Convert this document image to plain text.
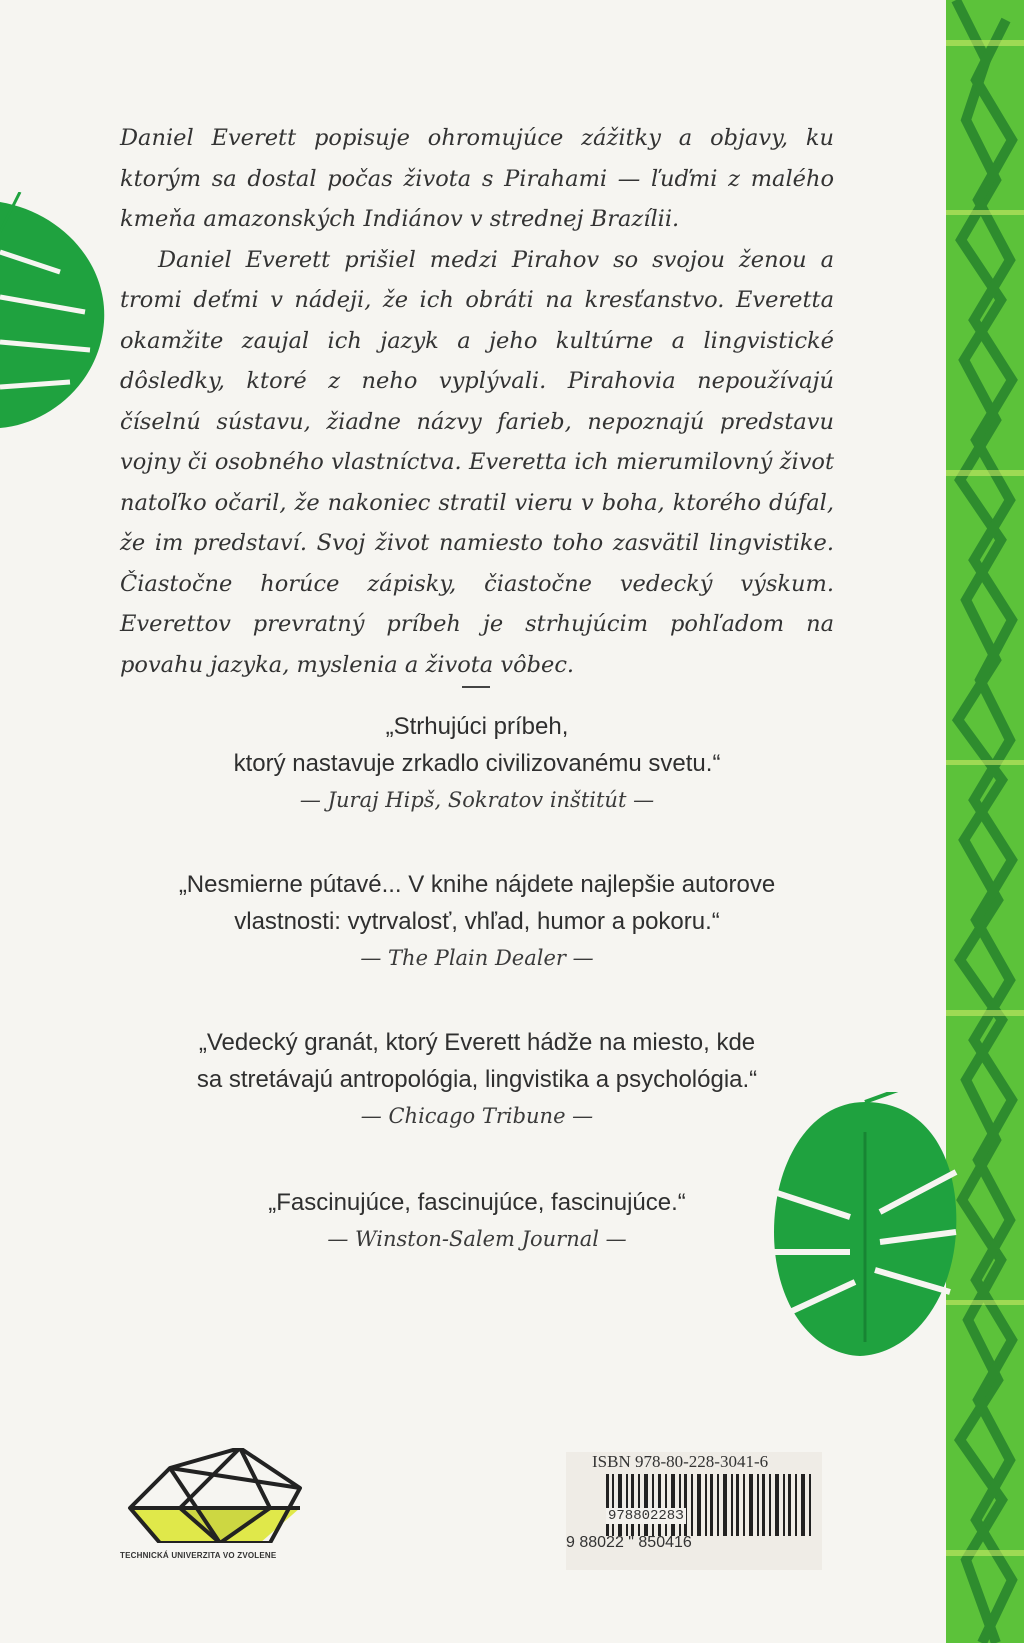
Daniel Everett popisuje ohromujúce zážitky a objavy, ku ktorým sa dostal počas života s Pirahami — ľuďmi z malého kmeňa amazonských Indiánov v strednej Brazílii.

Daniel Everett prišiel medzi Pirahov so svojou ženou a tromi deťmi v nádeji, že ich obráti na kresťanstvo. Everetta okamžite zaujal ich jazyk a jeho kultúrne a lingvistické dôsledky, ktoré z neho vyplývali. Pirahovia nepoužívajú číselnú sústavu, žiadne názvy farieb, nepoznajú predstavu vojny či osobného vlastníctva. Everetta ich mierumilovný život natoľko očaril, že nakoniec stratil vieru v boha, ktorého dúfal, že im predstaví. Svoj život namiesto toho zasvätil lingvistike. Čiastočne horúce zápisky, čiastočne vedecký výskum. Everettov prevratný príbeh je strhujúcim pohľadom na povahu jazyka, myslenia a života vôbec.

„Strhujúci príbeh,
ktorý nastavuje zrkadlo civilizovanému svetu.“
— Juraj Hipš, Sokratov inštitút —
„Nesmierne pútavé... V knihe nájdete najlepšie autorove
vlastnosti: vytrvalosť, vhľad, humor a pokoru.“
— The Plain Dealer —
„Vedecký granát, ktorý Everett hádže na miesto, kde
sa stretávajú antropológia, lingvistika a psychológia.“
— Chicago Tribune —
„Fascinujúce, fascinujúce, fascinujúce.“
— Winston-Salem Journal —
TECHNICKÁ UNIVERZITA VO ZVOLENE
ISBN 978-80-228-3041-6
97880228З
9 88022 " 850416
